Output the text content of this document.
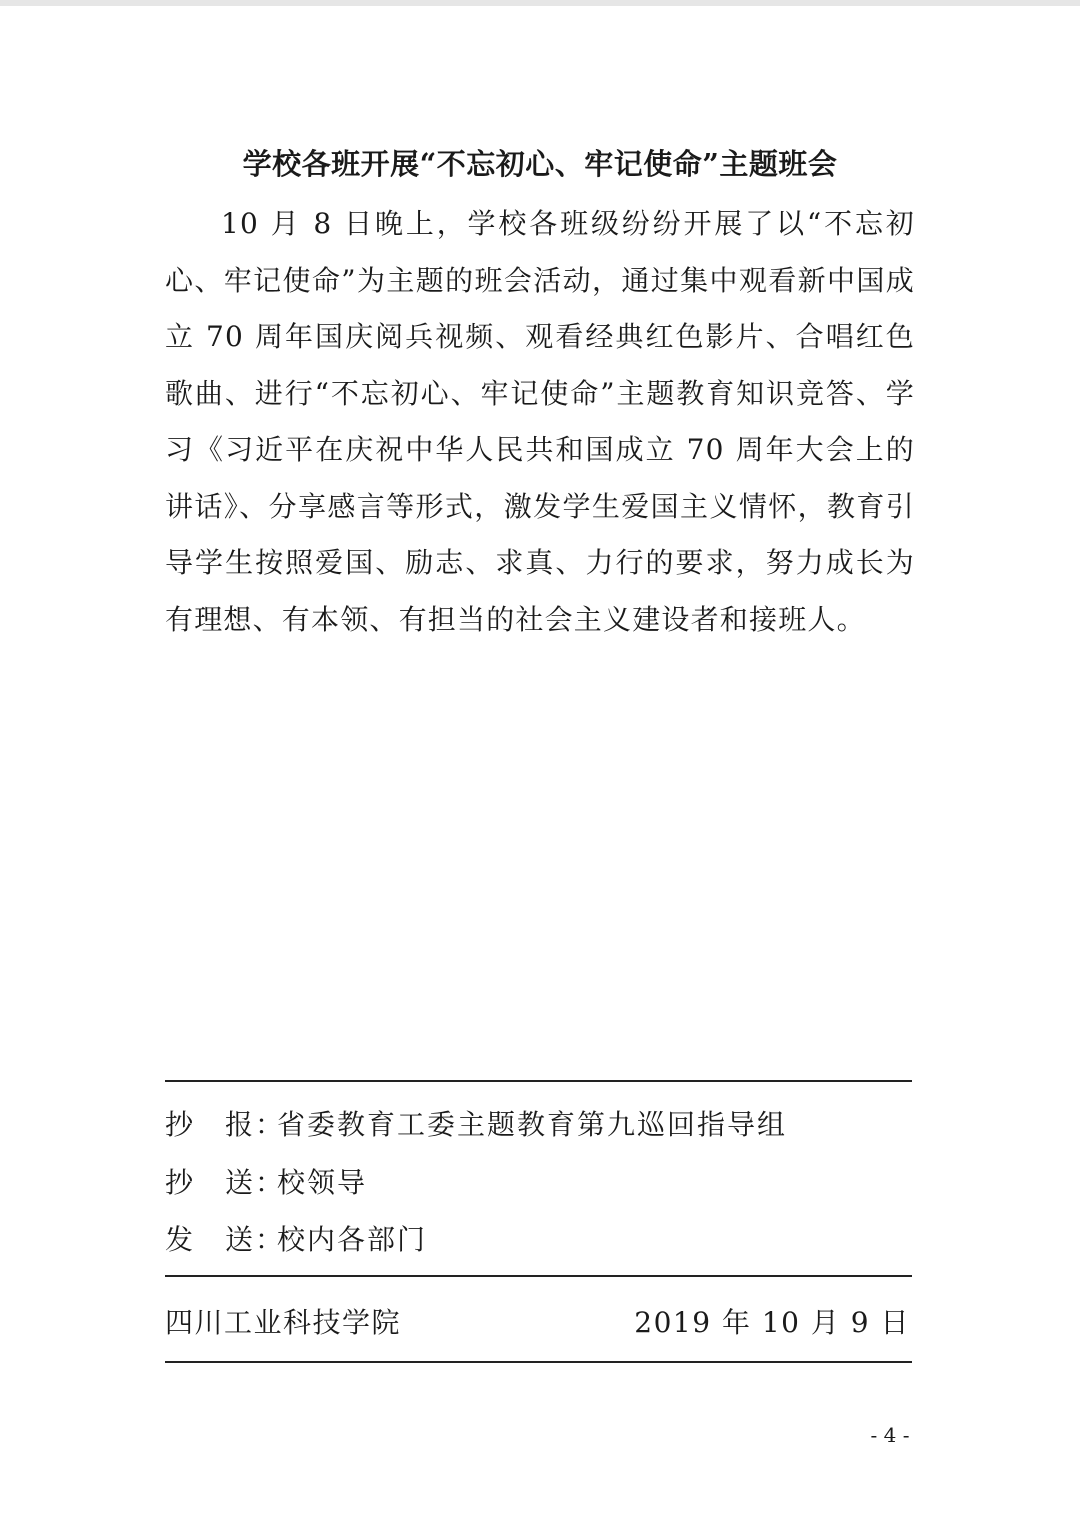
学校各班开展“不忘初心、牢记使命”主题班会

10 月 8 日晚上，学校各班级纷纷开展了以“不忘初心、牢记使命”为主题的班会活动，通过集中观看新中国成立 70 周年国庆阅兵视频、观看经典红色影片、合唱红色歌曲、进行“不忘初心、牢记使命”主题教育知识竞答、学习《习近平在庆祝中华人民共和国成立 70 周年大会上的讲话》、分享感言等形式，激发学生爱国主义情怀，教育引导学生按照爱国、励志、求真、力行的要求，努力成长为有理想、有本领、有担当的社会主义建设者和接班人。

抄　报：省委教育工委主题教育第九巡回指导组
抄　送：校领导
发　送：校内各部门
四川工业科技学院	2019 年 10 月 9 日
- 4 -
